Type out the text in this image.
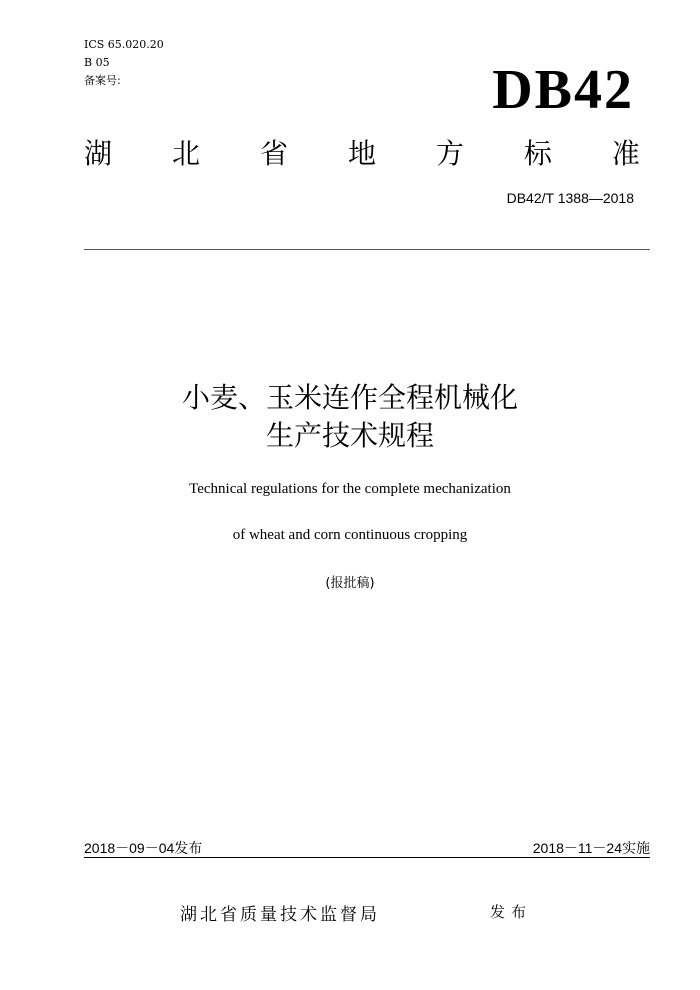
ICS 65.020.20
B 05
备案号:	DB42
湖 北 省 地 方 标 准
DB42/T 1388—2018
小麦、玉米连作全程机械化
生产技术规程
Technical regulations for the complete mechanization
of wheat and corn continuous cropping
(报批稿)
2018－09－04发布	2018－11－24实施
湖北省质量技术监督局	发布
